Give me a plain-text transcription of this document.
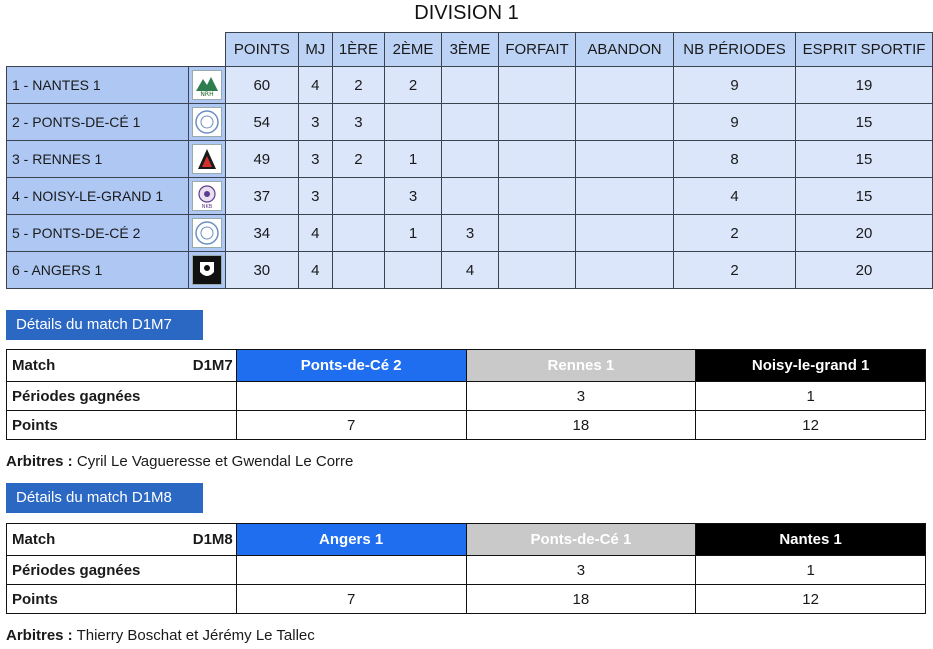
DIVISION 1
		POINTS	MJ	1ÈRE	2ÈME	3ÈME	FORFAIT	ABANDON	NB PÉRIODES	ESPRIT SPORTIF
1 - NANTES 1	NRH	60	4	2	2				9	19
2 - PONTS-DE-CÉ 1		54	3	3					9	15
3 - RENNES 1		49	3	2	1				8	15
4 - NOISY-LE-GRAND 1	NKB	37	3		3				4	15
5 - PONTS-DE-CÉ 2		34	4		1	3			2	20
6 - ANGERS 1		30	4			4			2	20
Détails du match D1M7
Match D1M7	Ponts-de-Cé 2	Rennes 1	Noisy-le-grand 1
Périodes gagnées		3	1
Points	7	18	12
Arbitres : Cyril Le Vagueresse et Gwendal Le Corre
Détails du match D1M8
Match D1M8	Angers 1	Ponts-de-Cé 1	Nantes 1
Périodes gagnées		3	1
Points	7	18	12
Arbitres : Thierry Boschat et Jérémy Le Tallec
